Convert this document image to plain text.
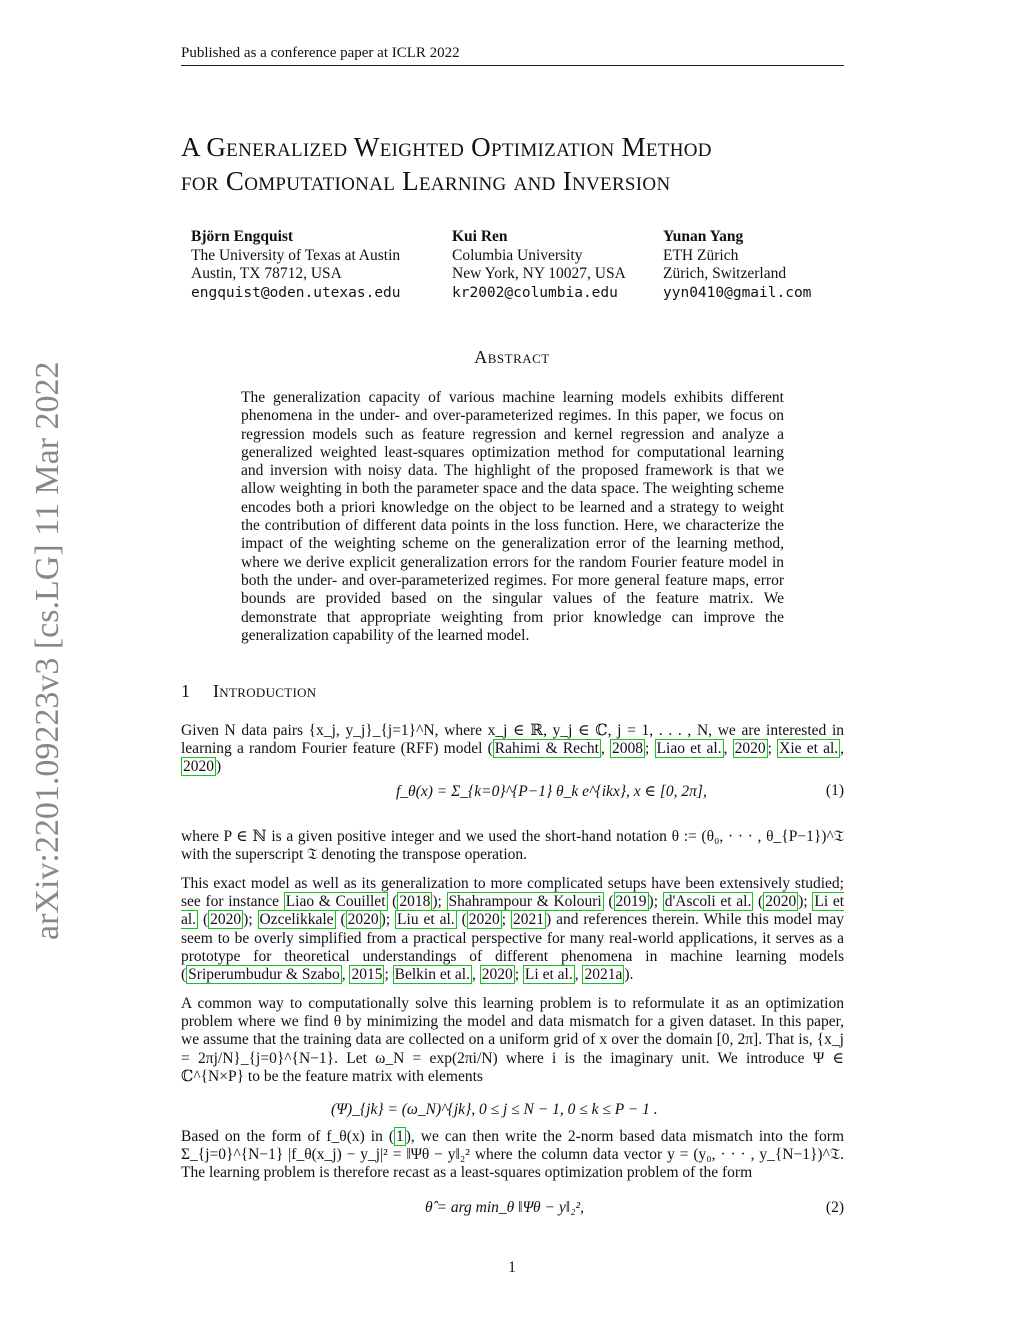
Published as a conference paper at ICLR 2022
A Generalized Weighted Optimization Method
for Computational Learning and Inversion
Björn Engquist
The University of Texas at Austin
Austin, TX 78712, USA
engquist@oden.utexas.edu
Kui Ren
Columbia University
New York, NY 10027, USA
kr2002@columbia.edu
Yunan Yang
ETH Zürich
Zürich, Switzerland
yyn0410@gmail.com
arXiv:2201.09223v3 [cs.LG] 11 Mar 2022
Abstract
The generalization capacity of various machine learning models exhibits different phenomena in the under- and over-parameterized regimes. In this paper, we focus on regression models such as feature regression and kernel regression and analyze a generalized weighted least-squares optimization method for computational learning and inversion with noisy data. The highlight of the proposed framework is that we allow weighting in both the parameter space and the data space. The weighting scheme encodes both a priori knowledge on the object to be learned and a strategy to weight the contribution of different data points in the loss function. Here, we characterize the impact of the weighting scheme on the generalization error of the learning method, where we derive explicit generalization errors for the random Fourier feature model in both the under- and over-parameterized regimes. For more general feature maps, error bounds are provided based on the singular values of the feature matrix. We demonstrate that appropriate weighting from prior knowledge can improve the generalization capability of the learned model.
1 Introduction
Given N data pairs {x_j, y_j}_{j=1}^N, where x_j ∈ ℝ, y_j ∈ ℂ, j = 1, . . . , N, we are interested in learning a random Fourier feature (RFF) model ( Rahimi & Recht , 2008 ; Liao et al. , 2020 ; Xie et al. , 2020 )
f_θ(x) = Σ_{k=0}^{P−1} θ_k e^{ikx}, x ∈ [0, 2π],	(1)
where P ∈ ℕ is a given positive integer and we used the short-hand notation θ := (θ₀, · · · , θ_{P−1})^𝔗 with the superscript 𝔗 denoting the transpose operation.
This exact model as well as its generalization to more complicated setups have been extensively studied; see for instance Liao & Couillet ( 2018 ); Shahrampour & Kolouri ( 2019 ); d'Ascoli et al. ( 2020 ); Li et al. ( 2020 ); Ozcelikkale ( 2020 ); Liu et al. ( 2020 ; 2021 ) and references therein. While this model may seem to be overly simplified from a practical perspective for many real-world applications, it serves as a prototype for theoretical understandings of different phenomena in machine learning models ( Sriperumbudur & Szabo , 2015 ; Belkin et al. , 2020 ; Li et al. , 2021a ).
A common way to computationally solve this learning problem is to reformulate it as an optimization problem where we find θ by minimizing the model and data mismatch for a given dataset. In this paper, we assume that the training data are collected on a uniform grid of x over the domain [0, 2π]. That is, {x_j = 2πj/N}_{j=0}^{N−1}. Let ω_N = exp(2πi/N) where i is the imaginary unit. We introduce Ψ ∈ ℂ^{N×P} to be the feature matrix with elements
(Ψ)_{jk} = (ω_N)^{jk}, 0 ≤ j ≤ N − 1, 0 ≤ k ≤ P − 1 .
Based on the form of f_θ(x) in ( 1 ), we can then write the 2-norm based data mismatch into the form Σ_{j=0}^{N−1} |f_θ(x_j) − y_j|² = ‖Ψθ − y‖₂² where the column data vector y = (y₀, · · · , y_{N−1})^𝔗. The learning problem is therefore recast as a least-squares optimization problem of the form
θ̂ = arg min_θ ‖Ψθ − y‖₂²,	(2)
1
